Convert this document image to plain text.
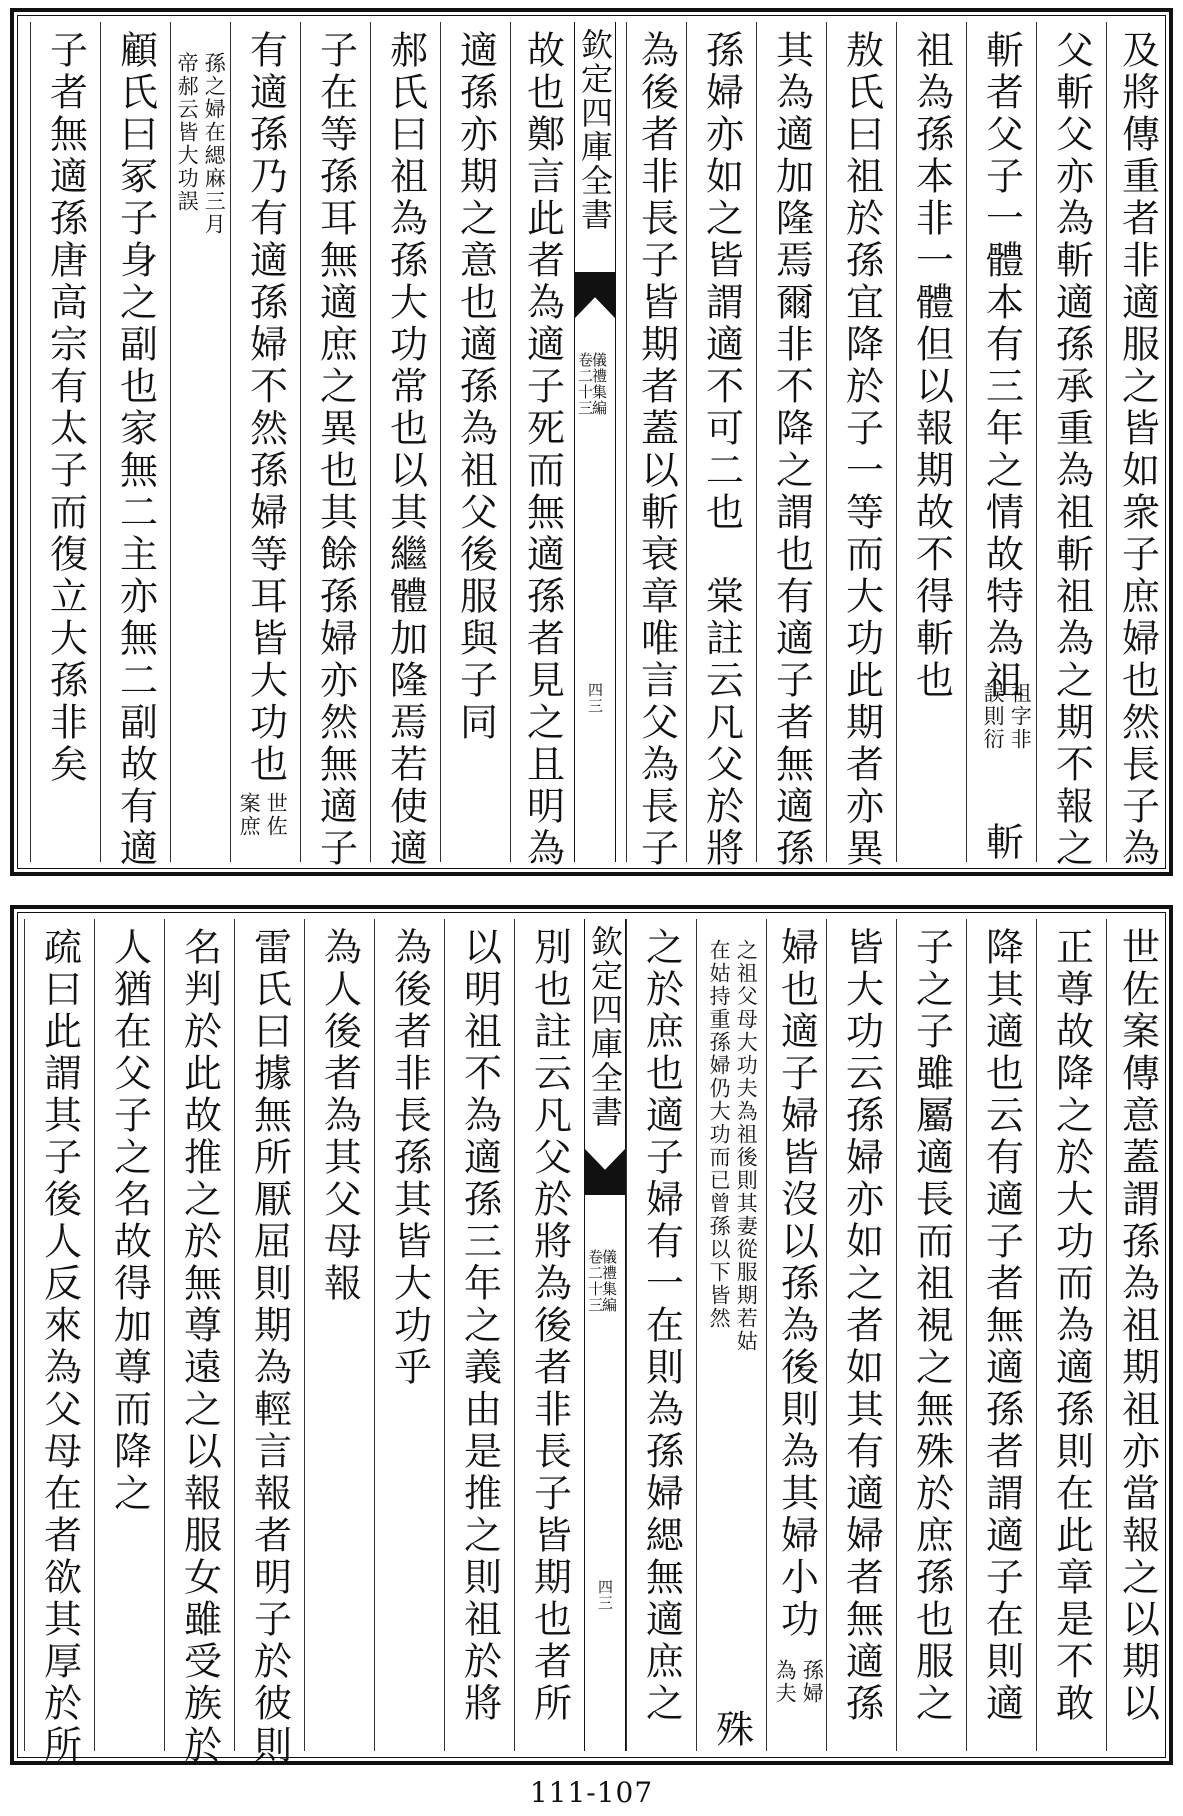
及將傳重者非適服之皆如衆子庶婦也然長子為
父斬父亦為斬適孫承重為祖斬祖為之期不報之
斬者父子一體本有三年之情故特為祖
祖字非
誤則衍
斬
祖為孫本非一體但以報期故不得斬也
敖氏曰祖於孫宜降於子一等而大功此期者亦異
其為適加隆焉爾非不降之謂也有適子者無適孫
孫婦亦如之皆謂適不可二也　棠註云凡父於將
為後者非長子皆期者蓋以斬衰章唯言父為長子
欽定四庫全書
儀禮集編
卷二十三
四三
故也鄭言此者為適子死而無適孫者見之且明為
適孫亦期之意也適孫為祖父後服與子同
郝氏曰祖為孫大功常也以其繼體加隆焉若使適
子在等孫耳無適庶之異也其餘孫婦亦然無適子
有適孫乃有適孫婦不然孫婦等耳皆大功也
世佐
案庶
孫之婦在緦麻三月
帝郝云皆大功誤
顧氏曰冢子身之副也家無二主亦無二副故有適
子者無適孫唐高宗有太子而復立大孫非矣
世佐案傳意蓋謂孫為祖期祖亦當報之以期以
正尊故降之於大功而為適孫則在此章是不敢
降其適也云有適子者無適孫者謂適子在則適
子之子雖屬適長而祖視之無殊於庶孫也服之
皆大功云孫婦亦如之者如其有適婦者無適孫
婦也適子婦皆沒以孫為後則為其婦小功
孫婦
為夫
之祖父母大功夫為祖後則其妻從服期若姑
在姑持重孫婦仍大功而已曾孫以下皆然
殊
之於庶也適子婦有一在則為孫婦緦無適庶之
欽定四庫全書
儀禮集編
卷二十三
四三
別也註云凡父於將為後者非長子皆期也者所
以明祖不為適孫三年之義由是推之則祖於將
為後者非長孫其皆大功乎
為人後者為其父母報
雷氏曰據無所厭屈則期為輕言報者明子於彼則
名判於此故推之於無尊遠之以報服女雖受族於
人猶在父子之名故得加尊而降之
疏曰此謂其子後人反來為父母在者欲其厚於所
111-107
